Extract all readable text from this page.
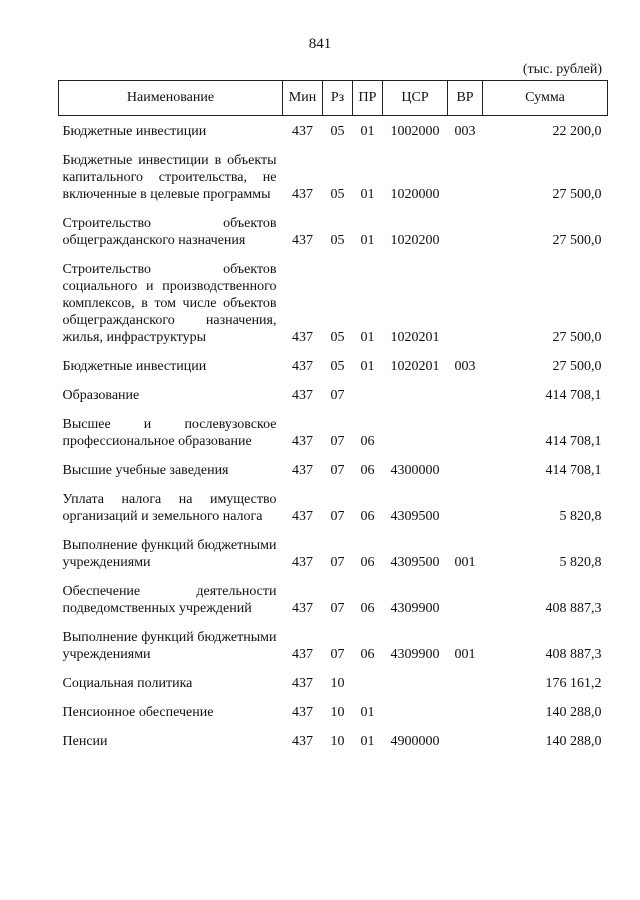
841
(тыс. рублей)
Наименование	Мин	Рз	ПР	ЦСР	ВР	Сумма
Бюджетные инвестиции	437	05	01	1002000	003	22 200,0
Бюджетные инвестиции в объекты капитального строительства, не включенные в целевые программы	437	05	01	1020000		27 500,0
Строительство объектов общегражданского назначения	437	05	01	1020200		27 500,0
Строительство объектов социального и производственного комплексов, в том числе объектов общегражданского назначения, жилья, инфраструктуры	437	05	01	1020201		27 500,0
Бюджетные инвестиции	437	05	01	1020201	003	27 500,0
Образование	437	07				414 708,1
Высшее и послевузовское профессиональное образование	437	07	06			414 708,1
Высшие учебные заведения	437	07	06	4300000		414 708,1
Уплата налога на имущество организаций и земельного налога	437	07	06	4309500		5 820,8
Выполнение функций бюджетными учреждениями	437	07	06	4309500	001	5 820,8
Обеспечение деятельности подведомственных учреждений	437	07	06	4309900		408 887,3
Выполнение функций бюджетными учреждениями	437	07	06	4309900	001	408 887,3
Социальная политика	437	10				176 161,2
Пенсионное обеспечение	437	10	01			140 288,0
Пенсии	437	10	01	4900000		140 288,0
